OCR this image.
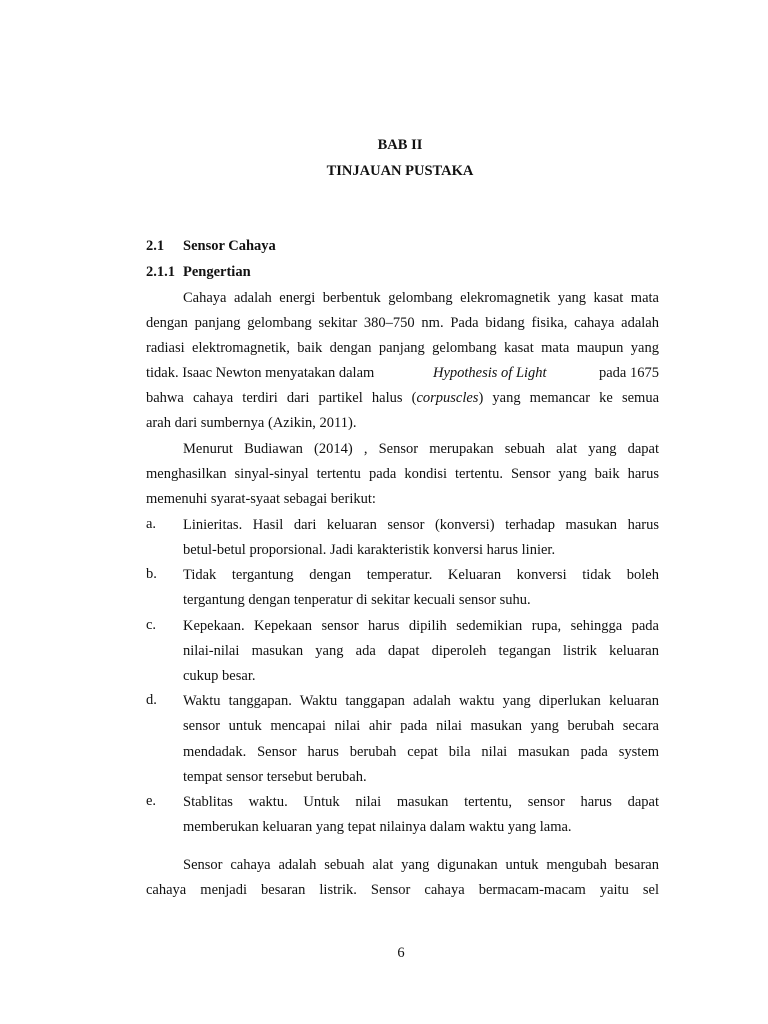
BAB II
TINJAUAN PUSTAKA
2.1 Sensor Cahaya
2.1.1 Pengertian
Cahaya adalah energi berbentuk gelombang elekromagnetik yang kasat mata
dengan panjang gelombang sekitar 380–750 nm. Pada bidang fisika, cahaya adalah
radiasi elektromagnetik, baik dengan panjang gelombang kasat mata maupun yang
tidak. Isaac Newton menyatakan dalam	Hypothesis of Light	pada 1675
bahwa cahaya terdiri dari partikel halus (corpuscles) yang memancar ke semua
arah dari sumbernya (Azikin, 2011).
Menurut Budiawan (2014) , Sensor merupakan sebuah alat yang dapat
menghasilkan sinyal-sinyal tertentu pada kondisi tertentu. Sensor yang baik harus
memenuhi syarat-syaat sebagai berikut:
a. Linieritas. Hasil dari keluaran sensor (konversi) terhadap masukan harus
betul-betul proporsional. Jadi karakteristik konversi harus linier.
b. Tidak tergantung dengan temperatur. Keluaran konversi tidak boleh
tergantung dengan tenperatur di sekitar kecuali sensor suhu.
c. Kepekaan. Kepekaan sensor harus dipilih sedemikian rupa, sehingga pada
nilai-nilai masukan yang ada dapat diperoleh tegangan listrik keluaran
cukup besar.
d. Waktu tanggapan. Waktu tanggapan adalah waktu yang diperlukan keluaran
sensor untuk mencapai nilai ahir pada nilai masukan yang berubah secara
mendadak. Sensor harus berubah cepat bila nilai masukan pada system
tempat sensor tersebut berubah.
e. Stablitas waktu. Untuk nilai masukan tertentu, sensor harus dapat
memberukan keluaran yang tepat nilainya dalam waktu yang lama.
Sensor cahaya adalah sebuah alat yang digunakan untuk mengubah besaran
cahaya menjadi besaran listrik. Sensor cahaya bermacam-macam yaitu sel
6
